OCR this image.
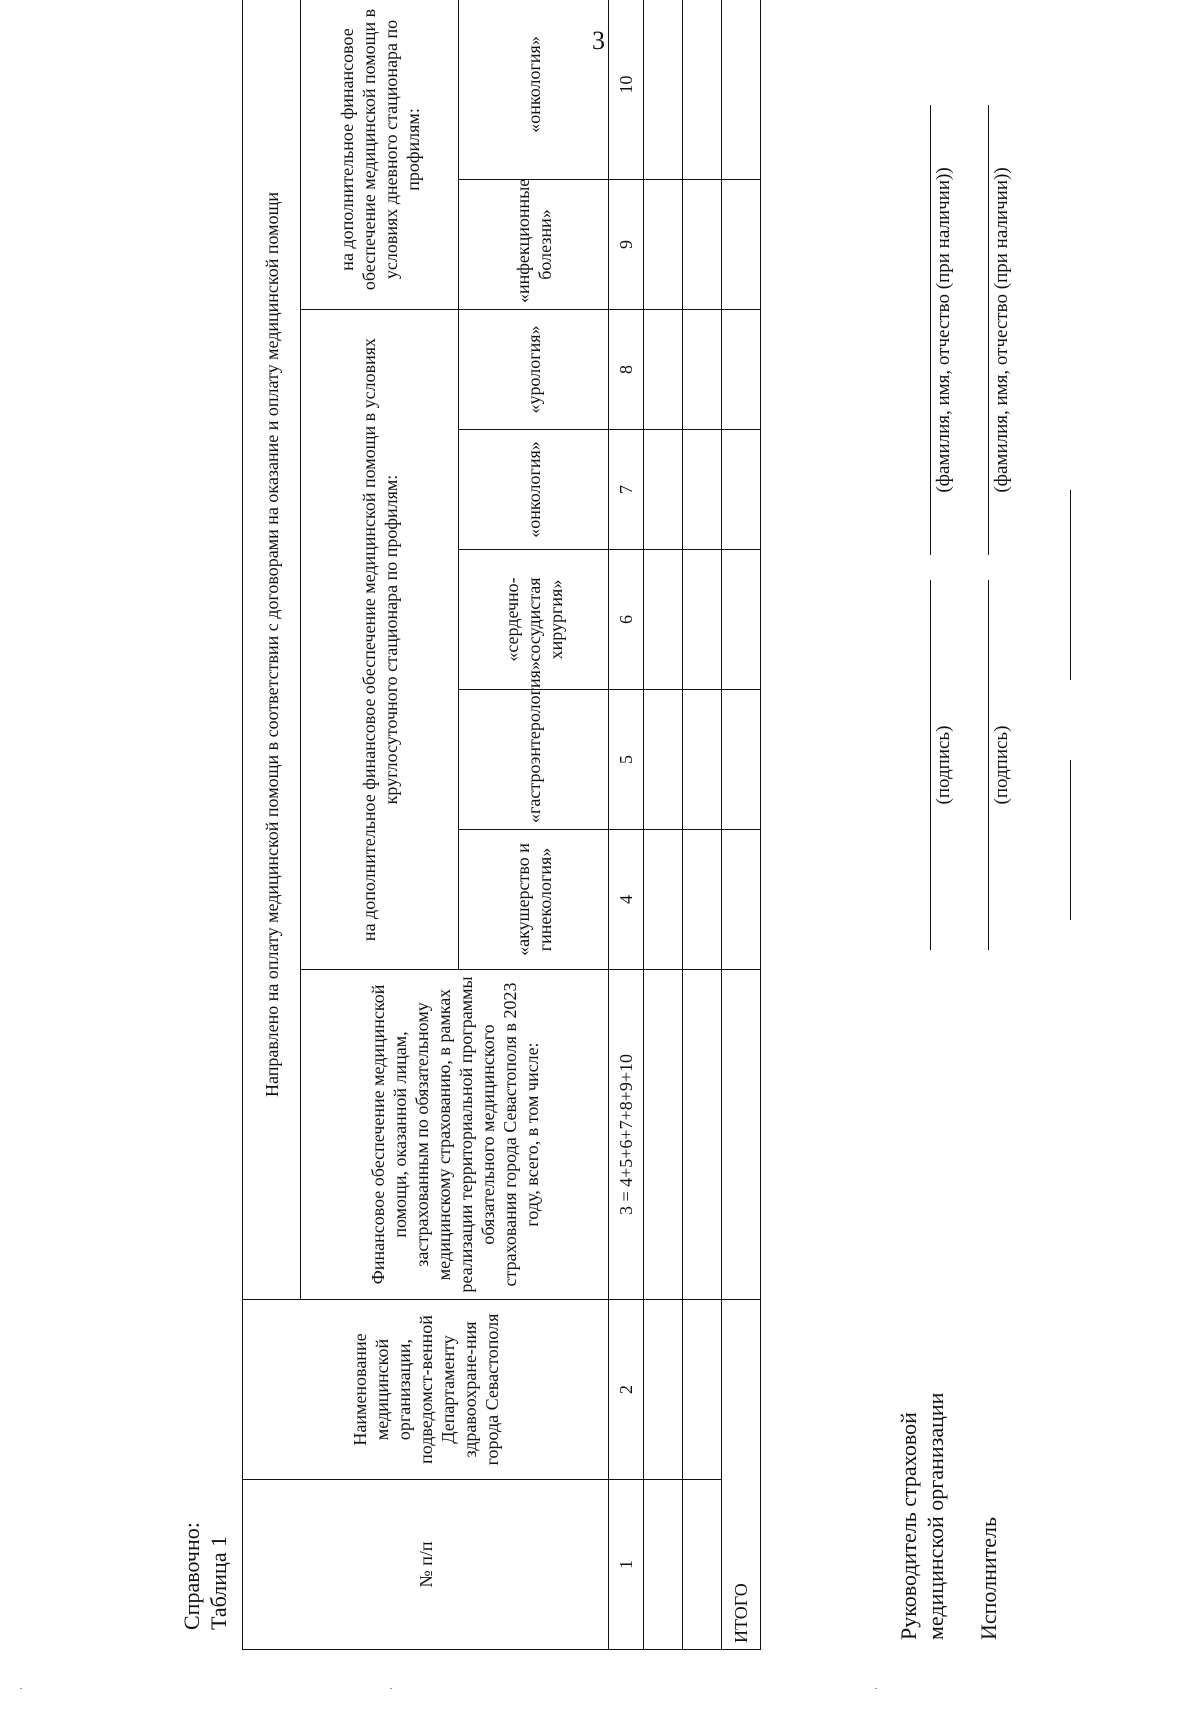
3
Справочно: Таблица 1	№ п/п	Наименование медицинской организации, подведомст-венной Департаменту здравоохране-ния города Севастополя	Направлено на оплату медицинской помощи в соответствии с договорами на оказание и оплату медицинской помощи							
		Финансовое обеспечение медицинской помощи, оказанной лицам, застрахованным по обязательному медицинскому страхованию, в рамках реализации территориальной программы обязательного медицинского страхования города Севастополя в 2023 году, всего, в том числе:	на дополнительное финансовое обеспечение медицинской помощи в условиях круглосуточного стационара по профилям:					на дополнительное финансовое обеспечение медицинской помощи в условиях дневного стационара по профилям:	
			«акушерство и гинекология»	«гастроэнтерология»	«сердечно-сосудистая хирургия»	«онкология»	«урология»	«инфекционные болезни»	«онкология»
1	2	3 = 4+5+6+7+8+9+10	4	5	6	7	8	9	10

ИТОГО										Руководитель страховой медицинской организации Исполнитель
(подпись)
(фамилия, имя, отчество (при наличии))
(подпись)
(фамилия, имя, отчество (при наличии))
